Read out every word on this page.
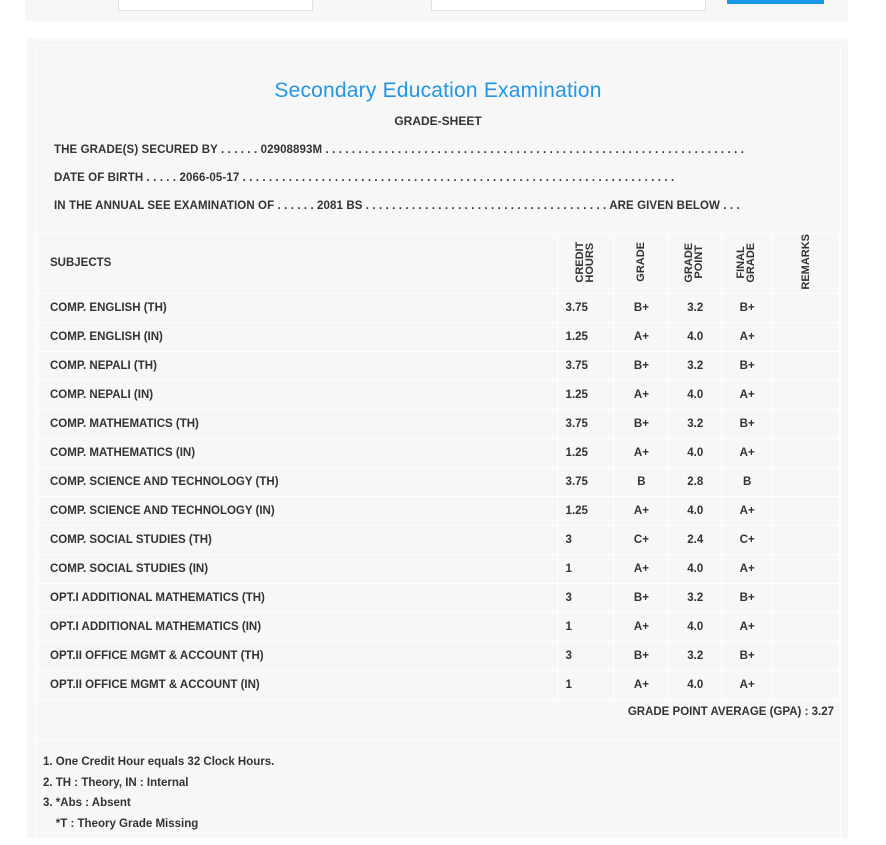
Secondary Education Examination
GRADE-SHEET
THE GRADE(S) SECURED BY . . . . . . 02908893M . . . . . . . . . . . . . . . . . . . . . . . . . . . . . . . . . . . . . . . . . . . . . . . . . . . . . . . . . . . . . . . .
DATE OF BIRTH . . . . . 2066-05-17 . . . . . . . . . . . . . . . . . . . . . . . . . . . . . . . . . . . . . . . . . . . . . . . . . . . . . . . . . . . . . . . . . .
IN THE ANNUAL SEE EXAMINATION OF . . . . . . 2081 BS . . . . . . . . . . . . . . . . . . . . . . . . . . . . . . . . . . . . . ARE GIVEN BELOW . . .
SUBJECTS	CREDIT HOURS	GRADE	GRADE POINT	FINAL GRADE	REMARKS
COMP. ENGLISH (TH)	3.75	B+	3.2	B+	
COMP. ENGLISH (IN)	1.25	A+	4.0	A+	
COMP. NEPALI (TH)	3.75	B+	3.2	B+	
COMP. NEPALI (IN)	1.25	A+	4.0	A+	
COMP. MATHEMATICS (TH)	3.75	B+	3.2	B+	
COMP. MATHEMATICS (IN)	1.25	A+	4.0	A+	
COMP. SCIENCE AND TECHNOLOGY (TH)	3.75	B	2.8	B	
COMP. SCIENCE AND TECHNOLOGY (IN)	1.25	A+	4.0	A+	
COMP. SOCIAL STUDIES (TH)	3	C+	2.4	C+	
COMP. SOCIAL STUDIES (IN)	1	A+	4.0	A+	
OPT.I ADDITIONAL MATHEMATICS (TH)	3	B+	3.2	B+	
OPT.I ADDITIONAL MATHEMATICS (IN)	1	A+	4.0	A+	
OPT.II OFFICE MGMT & ACCOUNT (TH)	3	B+	3.2	B+	
OPT.II OFFICE MGMT & ACCOUNT (IN)	1	A+	4.0	A+	
GRADE POINT AVERAGE (GPA) : 3.27
1. One Credit Hour equals 32 Clock Hours.
2. TH : Theory, IN : Internal
3. *Abs : Absent
*T : Theory Grade Missing
